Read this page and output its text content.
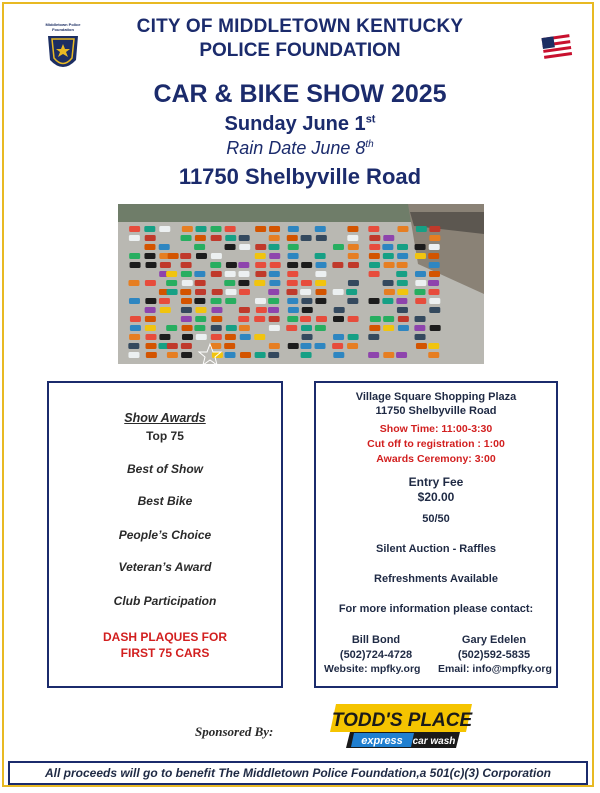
Middletown Police Foundation	CITY OF MIDDLETOWN KENTUCKY
POLICE FOUNDATION
CAR & BIKE SHOW 2025
Sunday June 1st
Rain Date June 8th
11750 Shelbyville Road
Show Awards
Top 75
Best of Show
Best Bike
People’s Choice
Veteran’s Award
Club Participation
DASH PLAQUES FOR
FIRST 75 CARS
Village Square Shopping Plaza
11750 Shelbyville Road
Show Time: 11:00-3:30
Cut off to registration : 1:00
Awards Ceremony: 3:00
Entry Fee
$20.00
50/50
Silent Auction - Raffles
Refreshments Available
For more information please contact:
Bill Bond
(502)724-4728
Gary Edelen
(502)592-5835
Website: mpfky.org Email: info@mpfky.org
Sponsored By:
TODD'S PLACE
express car wash
All proceeds will go to benefit The Middletown Police Foundation,a 501(c)(3) Corporation
